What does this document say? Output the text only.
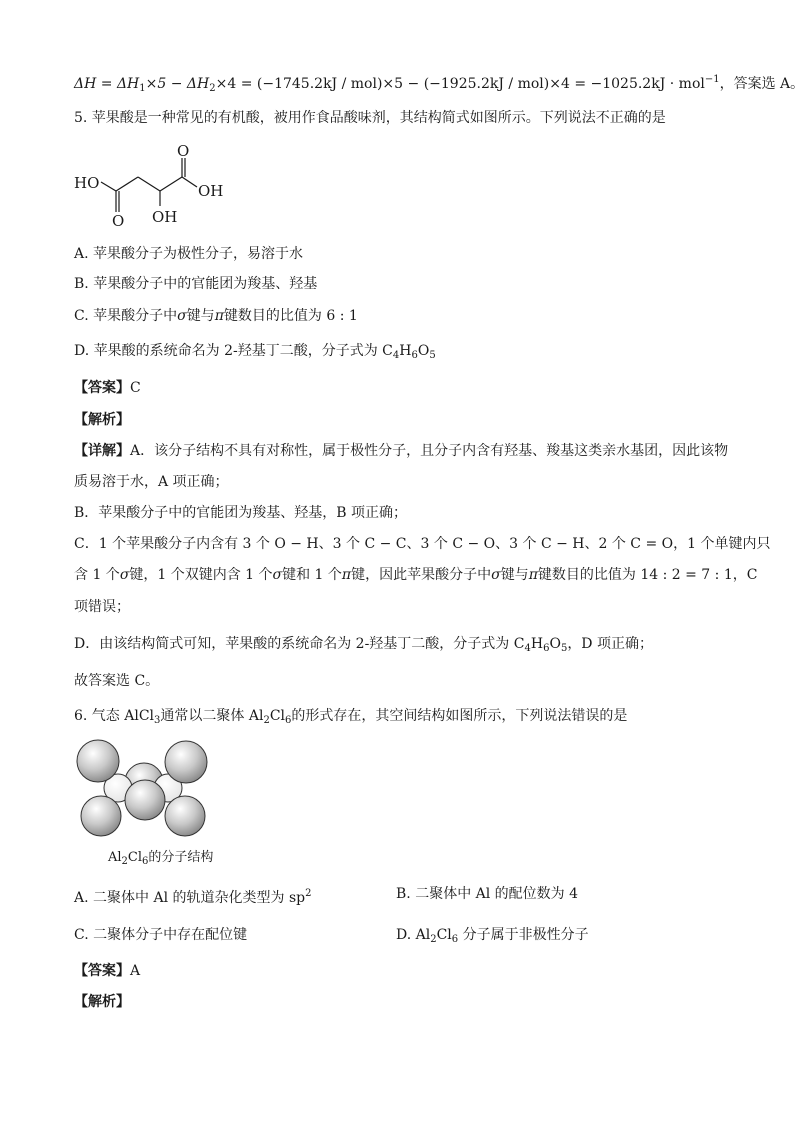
$\Delta H = \Delta H_1\times 5 - \Delta H_2\times 4 = (-1745.2kJ / mol)\times 5 - (-1925.2kJ / mol)\times 4 = -1025.2kJ \cdot mol^{-1}$，答案选 A。
5. 苹果酸是一种常见的有机酸，被用作食品酸味剂，其结构简式如图所示。下列说法不正确的是
HO
O
OH
O OH
A. 苹果酸分子为极性分子，易溶于水
B. 苹果酸分子中的官能团为羧基、羟基
C. 苹果酸分子中σ键与π键数目的比值为 6 : 1
D. 苹果酸的系统命名为 2-羟基丁二酸，分子式为 $C_4H_6O_5$
【答案】C
【解析】
【详解】A．该分子结构不具有对称性，属于极性分子，且分子内含有羟基、羧基这类亲水基团，因此该物
质易溶于水，A 项正确；
B．苹果酸分子中的官能团为羧基、羟基，B 项正确；
C．1 个苹果酸分子内含有 3 个 O − H、3 个 C − C、3 个 C − O、3 个 C − H、2 个 C = O，1 个单键内只
含 1 个σ键，1 个双键内含 1 个σ键和 1 个π键，因此苹果酸分子中σ键与π键数目的比值为 14 : 2 = 7 : 1，C
项错误；
D．由该结构简式可知，苹果酸的系统命名为 2-羟基丁二酸，分子式为 $C_4H_6O_5$，D 项正确；
故答案选 C。
6. 气态 AlCl$_3$通常以二聚体 $Al_2Cl_6$的形式存在，其空间结构如图所示，下列说法错误的是
$Al_2Cl_6$的分子结构
A. 二聚体中 Al 的轨道杂化类型为 $sp^2$	B. 二聚体中 Al 的配位数为 4
C. 二聚体分子中存在配位键	D. $Al_2Cl_6$ 分子属于非极性分子
【答案】A
【解析】
